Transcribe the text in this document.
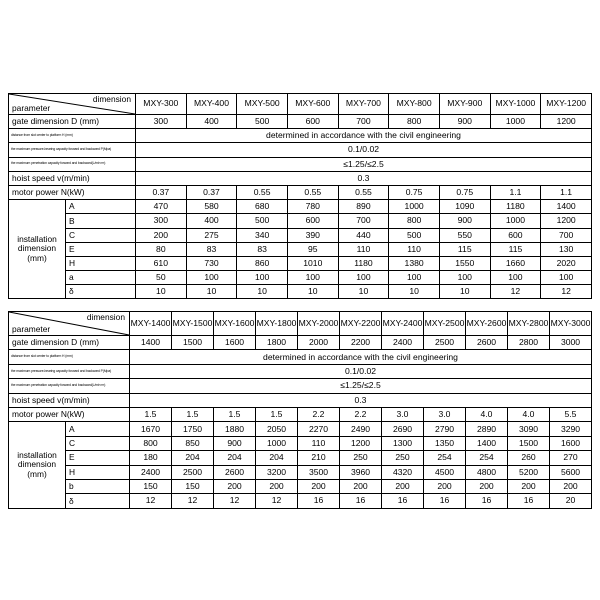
dimension
parameter		MXY-300	MXY-400	MXY-500	MXY-600	MXY-700	MXY-800	MXY-900	MXY-1000	MXY-1200
gate dimension D (mm)		300	400	500	600	700	800	900	1000	1200
distance from slot center to platform H (mm)		determined in accordance with the civil engineering								
the maximum pressure-bearing capacity forward and backward P(Mpa)		0.1/0.02								
the maximum penetration capacity forward and backward(L/min·m)		≤1.25/≤2.5								
hoist speed v(m/min)		0.3								
motor power N(kW)		0.37	0.37	0.55	0.55	0.55	0.75	0.75	1.1	1.1
installation dimension (mm)	A	470	580	680	780	890	1000	1090	1180	1400
	B	300	400	500	600	700	800	900	1000	1200
	C	200	275	340	390	440	500	550	600	700
	E	80	83	83	95	110	110	115	115	130
	H	610	730	860	1010	1180	1380	1550	1660	2020
	a	50	100	100	100	100	100	100	100	100
	δ	10	10	10	10	10	10	10	12	12
dimension
parameter		MXY-1400	MXY-1500	MXY-1600	MXY-1800	MXY-2000	MXY-2200	MXY-2400	MXY-2500	MXY-2600	MXY-2800	MXY-3000
gate dimension D (mm)		1400	1500	1600	1800	2000	2200	2400	2500	2600	2800	3000
distance from slot center to platform H (mm)		determined in accordance with the civil engineering										
the maximum pressure-bearing capacity forward and backward P(Mpa)		0.1/0.02										
the maximum penetration capacity forward and backward(L/min·m)		≤1.25/≤2.5										
hoist speed v(m/min)		0.3										
motor power N(kW)		1.5	1.5	1.5	1.5	2.2	2.2	3.0	3.0	4.0	4.0	5.5
installation dimension (mm)	A	1670	1750	1880	2050	2270	2490	2690	2790	2890	3090	3290
	C	800	850	900	1000	110	1200	1300	1350	1400	1500	1600
	E	180	204	204	204	210	250	250	254	254	260	270
	H	2400	2500	2600	3200	3500	3960	4320	4500	4800	5200	5600
	b	150	150	200	200	200	200	200	200	200	200	200
	δ	12	12	12	12	16	16	16	16	16	16	20
